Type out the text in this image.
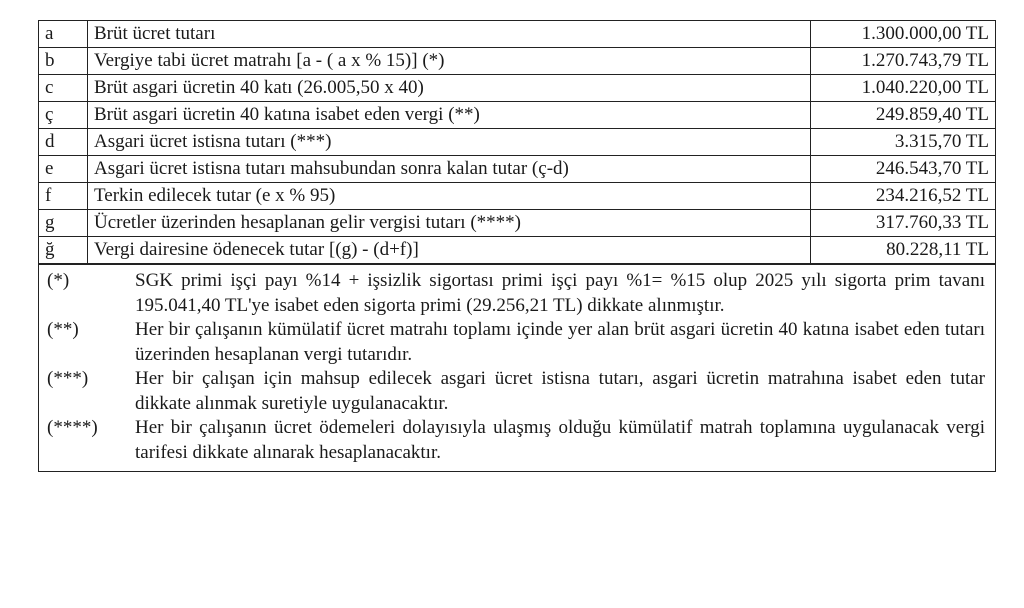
a	Brüt ücret tutarı	1.300.000,00 TL
b	Vergiye tabi ücret matrahı [a - ( a x % 15)] (*)	1.270.743,79 TL
c	Brüt asgari ücretin 40 katı (26.005,50 x 40)	1.040.220,00 TL
ç	Brüt asgari ücretin 40 katına isabet eden vergi (**)	249.859,40 TL
d	Asgari ücret istisna tutarı (***)	3.315,70 TL
e	Asgari ücret istisna tutarı mahsubundan sonra kalan tutar (ç-d)	246.543,70 TL
f	Terkin edilecek tutar (e x % 95)	234.216,52 TL
g	Ücretler üzerinden hesaplanan gelir vergisi tutarı (****)	317.760,33 TL
ğ	Vergi dairesine ödenecek tutar [(g) - (d+f)]	80.228,11 TL
(*)	SGK primi işçi payı %14 + işsizlik sigortası primi işçi payı %1= %15 olup 2025 yılı sigorta prim tavanı 195.041,40 TL'ye isabet eden sigorta primi (29.256,21 TL) dikkate alınmıştır.
(**)	Her bir çalışanın kümülatif ücret matrahı toplamı içinde yer alan brüt asgari ücretin 40 katına isabet eden tutarı üzerinden hesaplanan vergi tutarıdır.
(***)	Her bir çalışan için mahsup edilecek asgari ücret istisna tutarı, asgari ücretin matrahına isabet eden tutar dikkate alınmak suretiyle uygulanacaktır.
(****)	Her bir çalışanın ücret ödemeleri dolayısıyla ulaşmış olduğu kümülatif matrah toplamına uygulanacak vergi tarifesi dikkate alınarak hesaplanacaktır.
